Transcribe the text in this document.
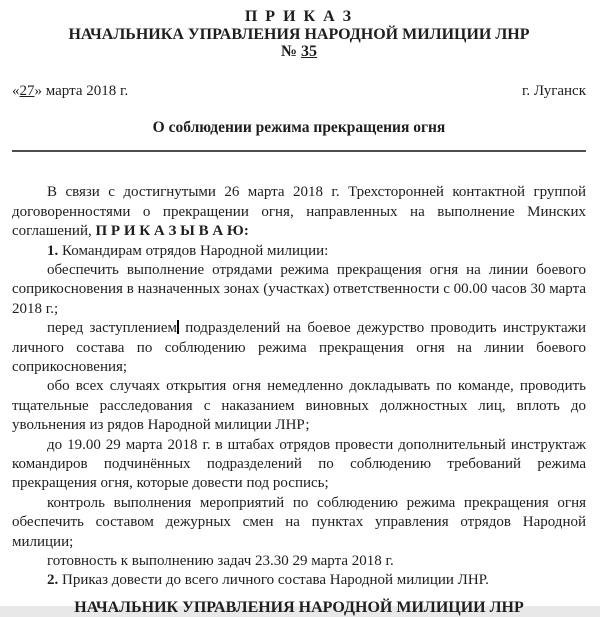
П Р И К А З
НАЧАЛЬНИКА УПРАВЛЕНИЯ НАРОДНОЙ МИЛИЦИИ ЛНР
№ 35
«27» марта 2018 г.	г. Луганск
О соблюдении режима прекращения огня

В связи с достигнутыми 26 марта 2018 г. Трехсторонней контактной группой договоренностями о прекращении огня, направленных на выполнение Минских соглашений, П Р И К А З Ы В А Ю:

1. Командирам отрядов Народной милиции:

обеспечить выполнение отрядами режима прекращения огня на линии боевого соприкосновения в назначенных зонах (участках) ответственности с 00.00 часов 30 марта 2018 г.;

перед заступлением подразделений на боевое дежурство проводить инструктажи личного состава по соблюдению режима прекращения огня на линии боевого соприкосновения;

обо всех случаях открытия огня немедленно докладывать по команде, проводить тщательные расследования с наказанием виновных должностных лиц, вплоть до увольнения из рядов Народной милиции ЛНР;

до 19.00 29 марта 2018 г. в штабах отрядов провести дополнительный инструктаж командиров подчинённых подразделений по соблюдению требований режима прекращения огня, которые довести под роспись;

контроль выполнения мероприятий по соблюдению режима прекращения огня обеспечить составом дежурных смен на пунктах управления отрядов Народной милиции;

готовность к выполнению задач 23.30 29 марта 2018 г.

2. Приказ довести до всего личного состава Народной милиции ЛНР.

НАЧАЛЬНИК УПРАВЛЕНИЯ НАРОДНОЙ МИЛИЦИИ ЛНР
